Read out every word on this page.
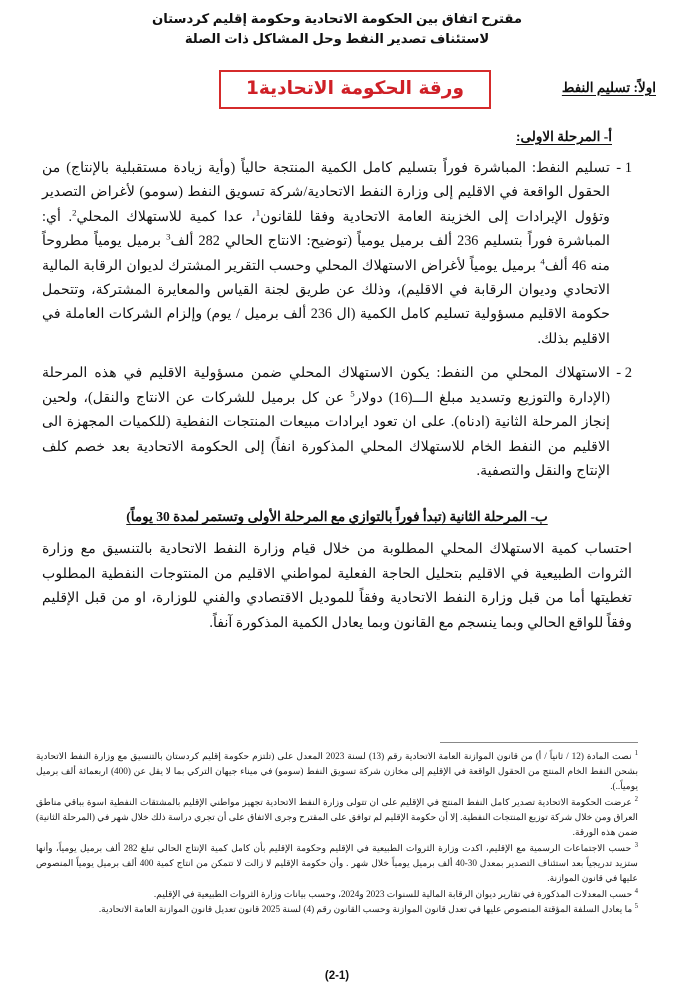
مقترح اتفاق بين الحكومة الاتحادية وحكومة إقليم كردستان
لاستئناف تصدير النفط وحل المشاكل ذات الصلة
ورقة الحكومة الاتحادية1	اولاً: تسليم النفط
أ- المرحلة الاولى:
1 -
تسليم النفط: المباشرة فوراً بتسليم كامل الكمية المنتجة حالياً (وأية زيادة مستقبلية بالإنتاج) من الحقول الواقعة في الاقليم إلى وزارة النفط الاتحادية/شركة تسويق النفط (سومو) لأغراض التصدير وتؤول الإيرادات إلى الخزينة العامة الاتحادية وفقا للقانون$^1$، عدا كمية للاستهلاك المحلي$^2$. أي: المباشرة فوراً بتسليم 236 ألف برميل يومياً (توضيح: الانتاج الحالي 282 ألف$^3$ برميل يومياً مطروحاً منه 46 ألف$^4$ برميل يومياً لأغراض الاستهلاك المحلي وحسب التقرير المشترك لديوان الرقابة المالية الاتحادي وديوان الرقابة في الاقليم)، وذلك عن طريق لجنة القياس والمعايرة المشتركة، وتتحمل حكومة الاقليم مسؤولية تسليم كامل الكمية (ال 236 ألف برميل / يوم) وإلزام الشركات العاملة في الاقليم بذلك.
2 -
الاستهلاك المحلي من النفط: يكون الاستهلاك المحلي ضمن مسؤولية الاقليم في هذه المرحلة (الإدارة والتوزيع وتسديد مبلغ الـــ(16) دولار$^5$ عن كل برميل للشركات عن الانتاج والنقل)، ولحين إنجاز المرحلة الثانية (ادناه). على ان تعود ايرادات مبيعات المنتجات النفطية (للكميات المجهزة الى الاقليم من النفط الخام للاستهلاك المحلي المذكورة انفاً) إلى الحكومة الاتحادية بعد خصم كلف الإنتاج والنقل والتصفية.
ب- المرحلة الثانية (تبدأ فوراً بالتوازي مع المرحلة الأولى وتستمر لمدة 30 يوماً)
احتساب كمية الاستهلاك المحلي المطلوبة من خلال قيام وزارة النفط الاتحادية بالتنسيق مع وزارة الثروات الطبيعية في الاقليم بتحليل الحاجة الفعلية لمواطني الاقليم من المنتوجات النفطية المطلوب تغطيتها أما من قبل وزارة النفط الاتحادية وفقاً للموديل الاقتصادي والفني للوزارة، او من قبل الإقليم وفقاً للواقع الحالي وبما ينسجم مع القانون وبما يعادل الكمية المذكورة آنفاً.
$^1$ نصت المادة (12 / ثانياً / أ) من قانون الموازنة العامة الاتحادية رقم (13) لسنة 2023 المعدل على (تلتزم حكومة إقليم كردستان بالتنسيق مع وزارة النفط الاتحادية بشحن النفط الخام المنتج من الحقول الواقعة في الإقليم إلى مخازن شركة تسويق النفط (سومو) في ميناء جيهان التركي بما لا يقل عن (400) اربعمائة ألف برميل يومياً..).
$^2$ عرضت الحكومة الاتحادية تصدير كامل النفط المنتج في الإقليم على ان تتولى وزارة النفط الاتحادية تجهيز مواطني الإقليم بالمشتقات النفطية اسوة بباقي مناطق العراق ومن خلال شركة توزيع المنتجات النفطية. إلا أن حكومة الإقليم لم توافق على المقترح وجرى الاتفاق على أن تجري دراسة ذلك خلال شهر في (المرحلة الثانية) ضمن هذه الورقة.
$^3$ حسب الاجتماعات الرسمية مع الإقليم، اكدت وزارة الثروات الطبيعية في الإقليم وحكومة الإقليم بأن كامل كمية الإنتاج الحالي تبلغ 282 ألف برميل يومياً، وأنها ستزيد تدريجياً بعد استئناف التصدير بمعدل 30-40 ألف برميل يومياً خلال شهر . وأن حكومة الإقليم لا زالت لا تتمكن من انتاج كمية 400 ألف برميل يومياً المنصوص عليها في قانون الموازنة.
$^4$ حسب المعدلات المذكورة في تقارير ديوان الرقابة المالية للسنوات 2023 و2024، وحسب بيانات وزارة الثروات الطبيعية في الإقليم.
$^5$ ما يعادل السلفة المؤقتة المنصوص عليها في تعدل قانون الموازنة وحسب القانون رقم (4) لسنة 2025 قانون تعديل قانون الموازنة العامة الاتحادية.
(2-1)
